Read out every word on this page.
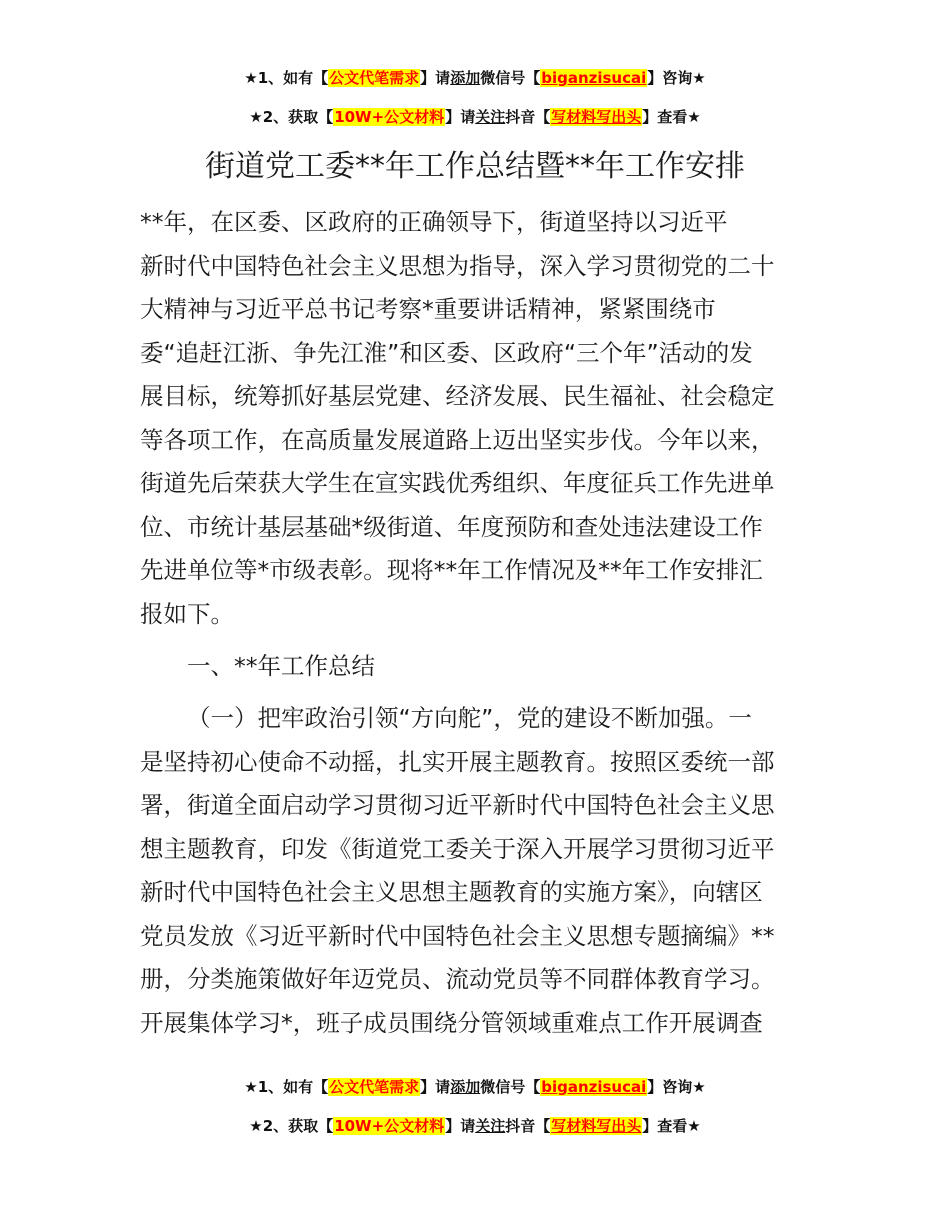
★1、如有【公文代笔需求】请添加微信号【biganzisucai】咨询★
★2、获取【10W+公文材料】请关注抖音【写材料写出头】查看★
街道党工委**年工作总结暨**年工作安排
**年，在区委、区政府的正确领导下，街道坚持以习近平
新时代中国特色社会主义思想为指导，深入学习贯彻党的二十
大精神与习近平总书记考察*重要讲话精神，紧紧围绕市
委“追赶江浙、争先江淮”和区委、区政府“三个年”活动的发
展目标，统筹抓好基层党建、经济发展、民生福祉、社会稳定
等各项工作，在高质量发展道路上迈出坚实步伐。今年以来，
街道先后荣获大学生在宣实践优秀组织、年度征兵工作先进单
位、市统计基层基础*级街道、年度预防和查处违法建设工作
先进单位等*市级表彰。现将**年工作情况及**年工作安排汇
报如下。
一、**年工作总结
（一）把牢政治引领“方向舵”，党的建设不断加强。一
是坚持初心使命不动摇，扎实开展主题教育。按照区委统一部
署，街道全面启动学习贯彻习近平新时代中国特色社会主义思
想主题教育，印发《街道党工委关于深入开展学习贯彻习近平
新时代中国特色社会主义思想主题教育的实施方案》，向辖区
党员发放《习近平新时代中国特色社会主义思想专题摘编》**
册，分类施策做好年迈党员、流动党员等不同群体教育学习。
开展集体学习*，班子成员围绕分管领域重难点工作开展调查
★1、如有【公文代笔需求】请添加微信号【biganzisucai】咨询★
★2、获取【10W+公文材料】请关注抖音【写材料写出头】查看★
